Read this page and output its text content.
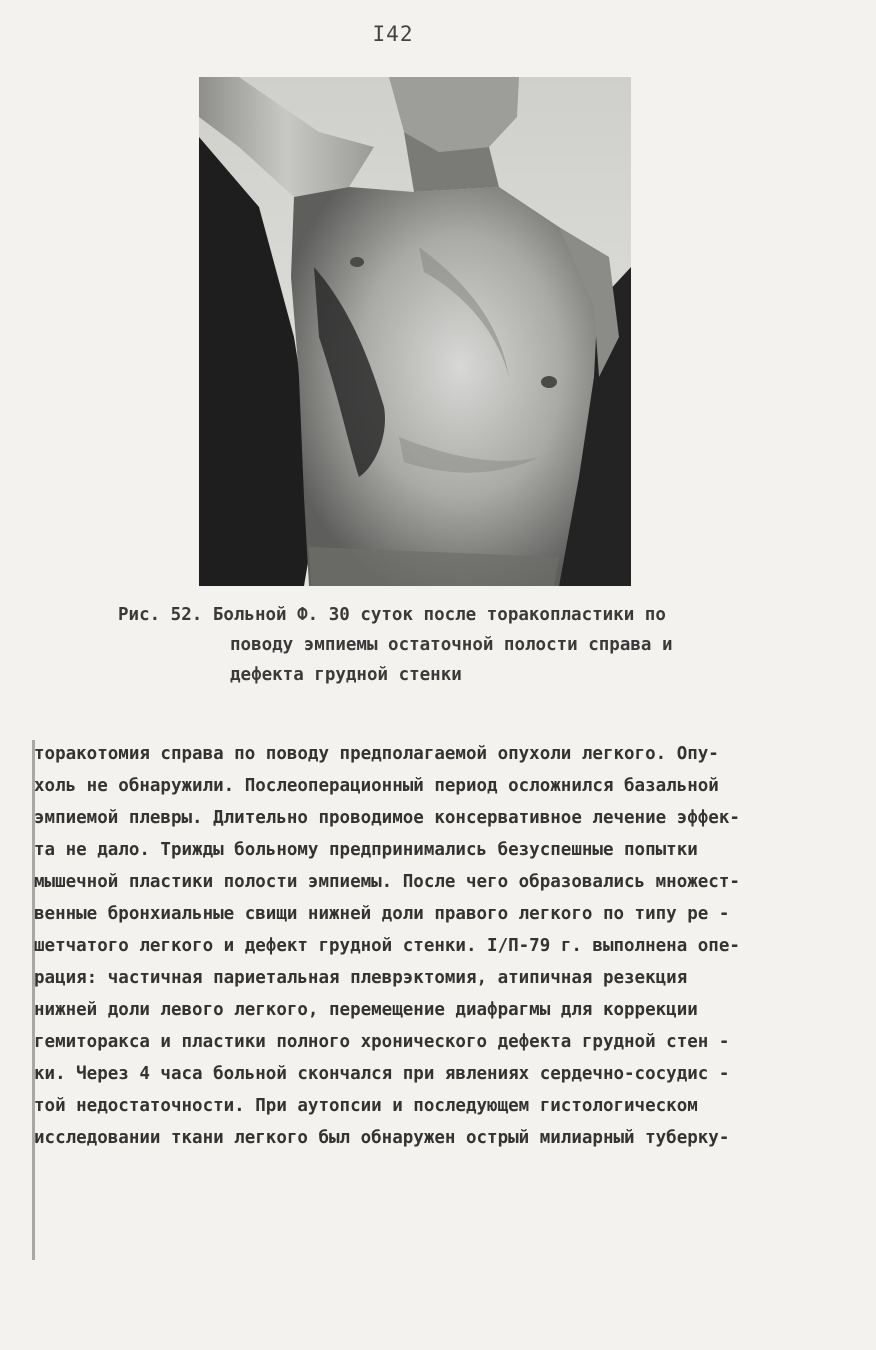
I42
Рис. 52. Больной Ф. 30 суток после торакопластики по
поводу эмпиемы остаточной полости справа и
дефекта грудной стенки
торакотомия справа по поводу предполагаемой опухоли легкого. Опу-
холь не обнаружили. Послеоперационный период осложнился базальной
эмпиемой плевры. Длительно проводимое консервативное лечение эффек-
та не дало. Трижды больному предпринимались безуспешные попытки
мышечной пластики полости эмпиемы. После чего образовались множест-
венные бронхиальные свищи нижней доли правого легкого по типу ре -
шетчатого легкого и дефект грудной стенки. I/П-79 г. выполнена опе-
рация: частичная париетальная плеврэктомия, атипичная резекция
нижней доли левого легкого, перемещение диафрагмы для коррекции
гемиторакса и пластики полного хронического дефекта грудной стен -
ки. Через 4 часа больной скончался при явлениях сердечно-сосудис -
той недостаточности. При аутопсии и последующем гистологическом
исследовании ткани легкого был обнаружен острый милиарный туберку-
